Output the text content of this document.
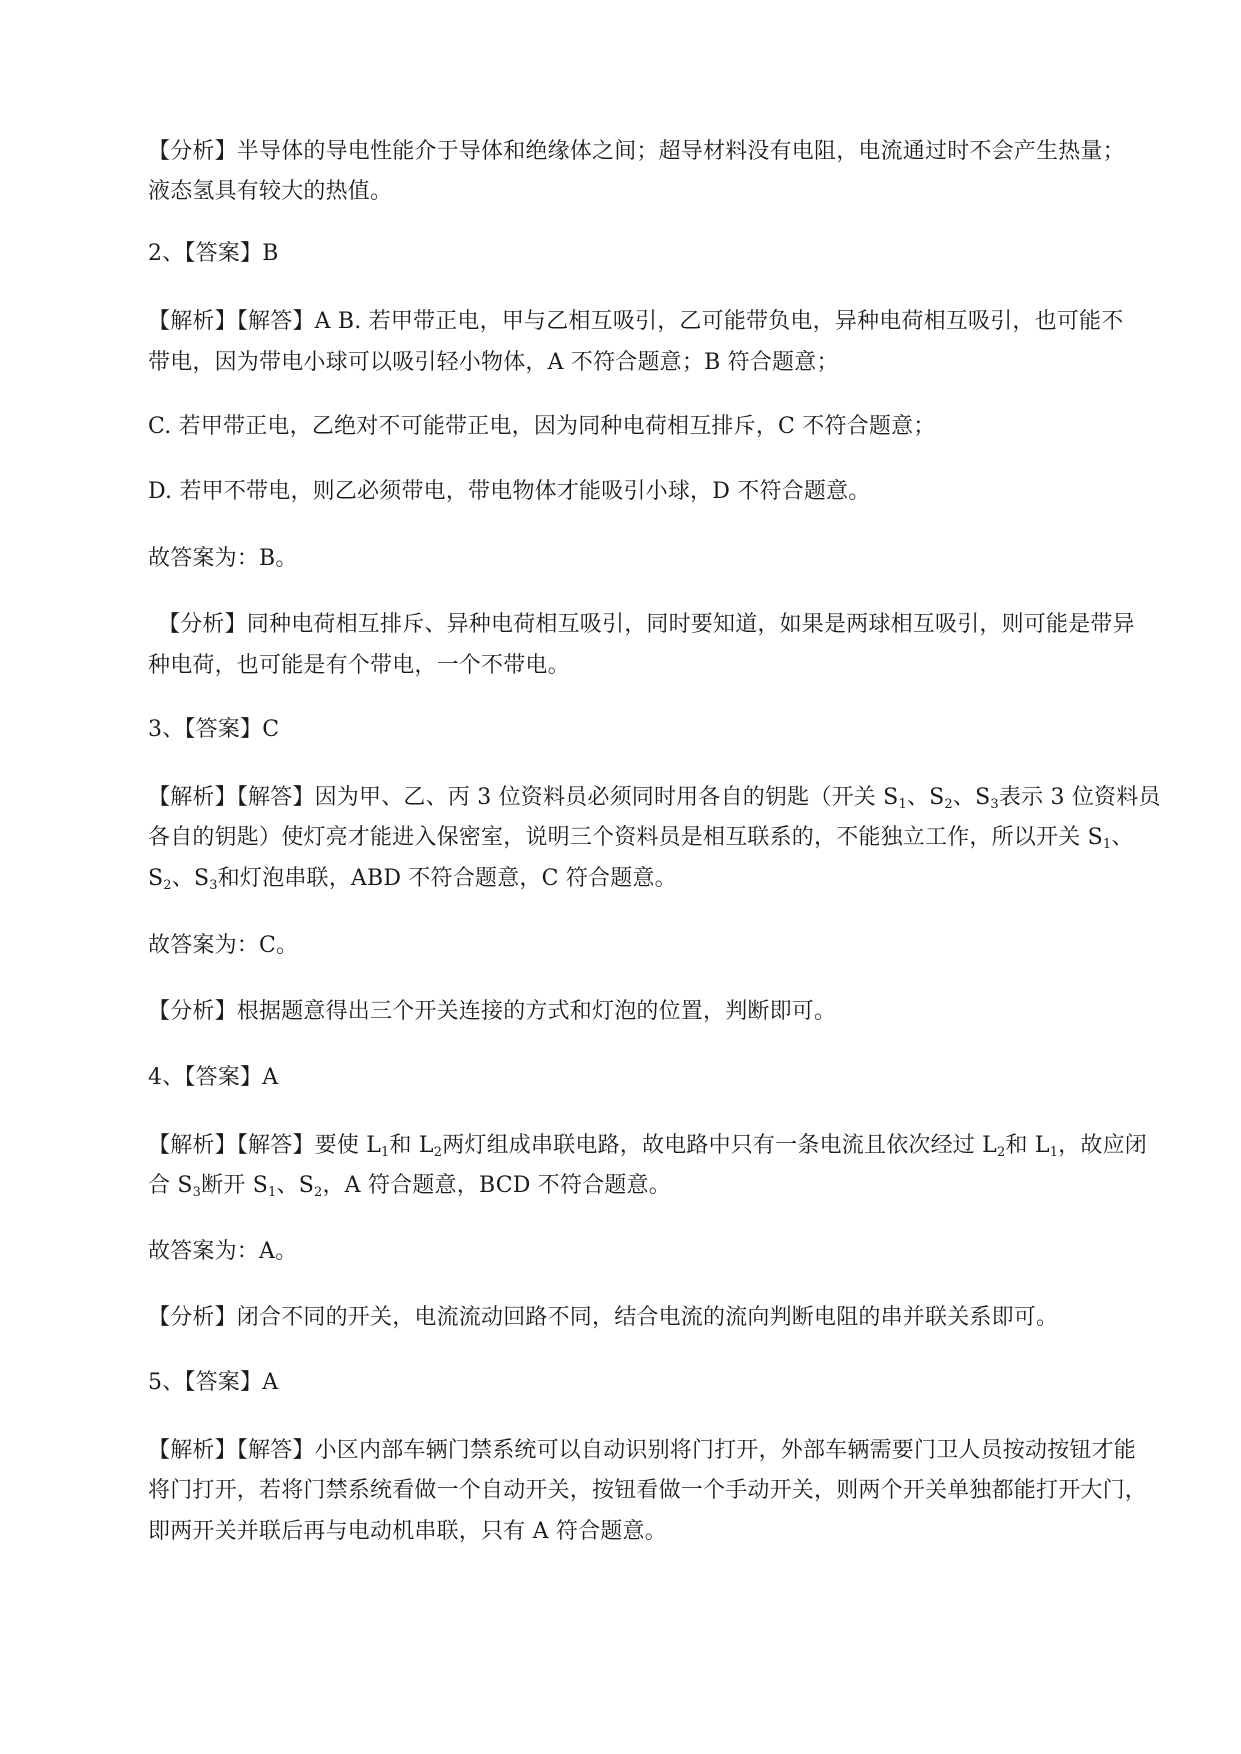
【分析】半导体的导电性能介于导体和绝缘体之间；超导材料没有电阻，电流通过时不会产生热量；
液态氢具有较大的热值。
2、【答案】B
【解析】【解答】A B. 若甲带正电，甲与乙相互吸引，乙可能带负电，异种电荷相互吸引，也可能不
带电，因为带电小球可以吸引轻小物体，A 不符合题意；B 符合题意；
C. 若甲带正电，乙绝对不可能带正电，因为同种电荷相互排斥，C 不符合题意；
D. 若甲不带电，则乙必须带电，带电物体才能吸引小球，D 不符合题意。
故答案为：B。
【分析】同种电荷相互排斥、异种电荷相互吸引，同时要知道，如果是两球相互吸引，则可能是带异
种电荷，也可能是有个带电，一个不带电。
3、【答案】C
【解析】【解答】因为甲、乙、丙 3 位资料员必须同时用各自的钥匙（开关 $S_1$、$S_2$、$S_3$表示 3 位资料员
各自的钥匙）使灯亮才能进入保密室，说明三个资料员是相互联系的，不能独立工作，所以开关 $S_1$、
$S_2$、$S_3$和灯泡串联，ABD 不符合题意，C 符合题意。
故答案为：C。
【分析】根据题意得出三个开关连接的方式和灯泡的位置，判断即可。
4、【答案】A
【解析】【解答】要使 $L_1$和 $L_2$两灯组成串联电路，故电路中只有一条电流且依次经过 $L_2$和 $L_1$，故应闭
合 $S_3$断开 $S_1$、$S_2$，A 符合题意，BCD 不符合题意。
故答案为：A。
【分析】闭合不同的开关，电流流动回路不同，结合电流的流向判断电阻的串并联关系即可。
5、【答案】A
【解析】【解答】小区内部车辆门禁系统可以自动识别将门打开，外部车辆需要门卫人员按动按钮才能
将门打开，若将门禁系统看做一个自动开关，按钮看做一个手动开关，则两个开关单独都能打开大门，
即两开关并联后再与电动机串联，只有 A 符合题意。
